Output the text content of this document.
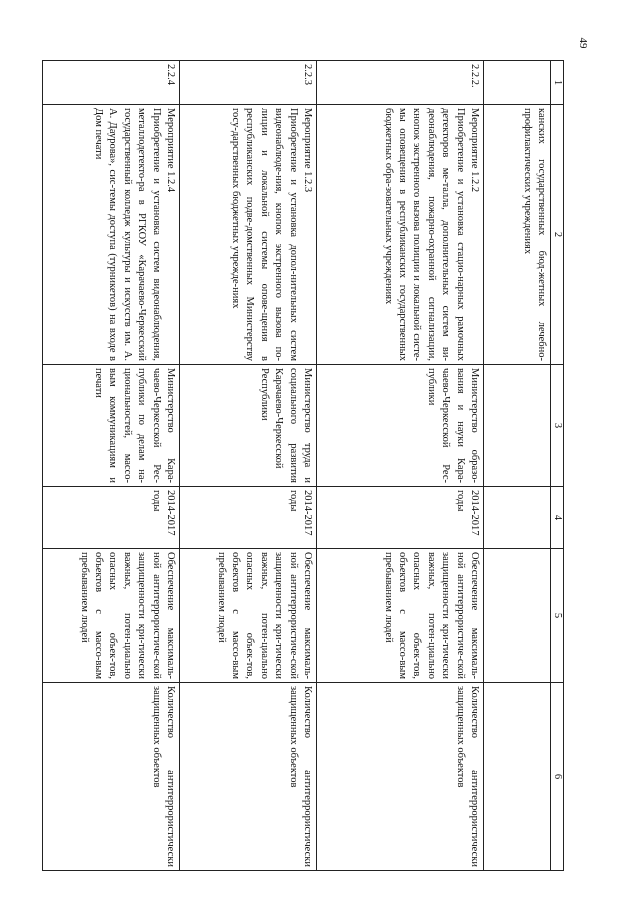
49
1	2	3	4	5	6

	канских государственных бюд-жетных лечебно-профилактических учреждениях				

2.2.2.	Мероприятие 1.2.2
Приобретение и установка стацио-нарных рамочных детекторов ме-талла, дополнительных систем ви-деонаблюдения, пожарно-охранной сигнализации, кнопок экстренного вызова полиции и локальной систе-мы оповещения в республиканских государственных бюджетных обра-зовательных учреждениях	Министерство образо-вания и науки Кара-чаево-Черкесской Рес-публики	2014-2017 годы	Обеспечение максималь-ной антитеррористиче-ской защищенности кри-тически важных, потен-циально опасных объек-тов, объектов с массо-вым пребыванием людей	Количество антитеррористически защищенных объектов
2.2.3	Мероприятие 1.2.3
Приобретение и установка допол-нительных систем видеонаблюде-ния, кнопок экстренного вызова по-лиции и локальной системы опове-щения в республиканских подве-домственных Министерству госу-дарственных бюджетных учрежде-ниях	Министерство труда и социального развития Карачаево-Черкесской Республики	2014-2017 годы	Обеспечение максималь-ной антитеррористиче-ской защищенности кри-тически важных, потен-циально опасных объек-тов, объектов с массо-вым пребыванием людей	Количество антитеррористически защищенных объектов
2.2.4	Мероприятие 1.2.4
Приобретение и установка систем видеонаблюдения, металлодетекто-ра в РГКОУ «Карачаево-Черкесский государственный колледж культуры и искусств им. А. А. Даурова», сис-темы доступа (турникетов) на входе в Дом печати	Министерство Кара-чаево-Черкесской Рес-публики по делам на-циональностей, массо-вым коммуникациям и печати	2014-2017 годы	Обеспечение максималь-ной антитеррористиче-ской защищенности кри-тически важных, потен-циально опасных объек-тов, объектов с массо-вым пребыванием людей	Количество антитеррористически защищенных объектов
